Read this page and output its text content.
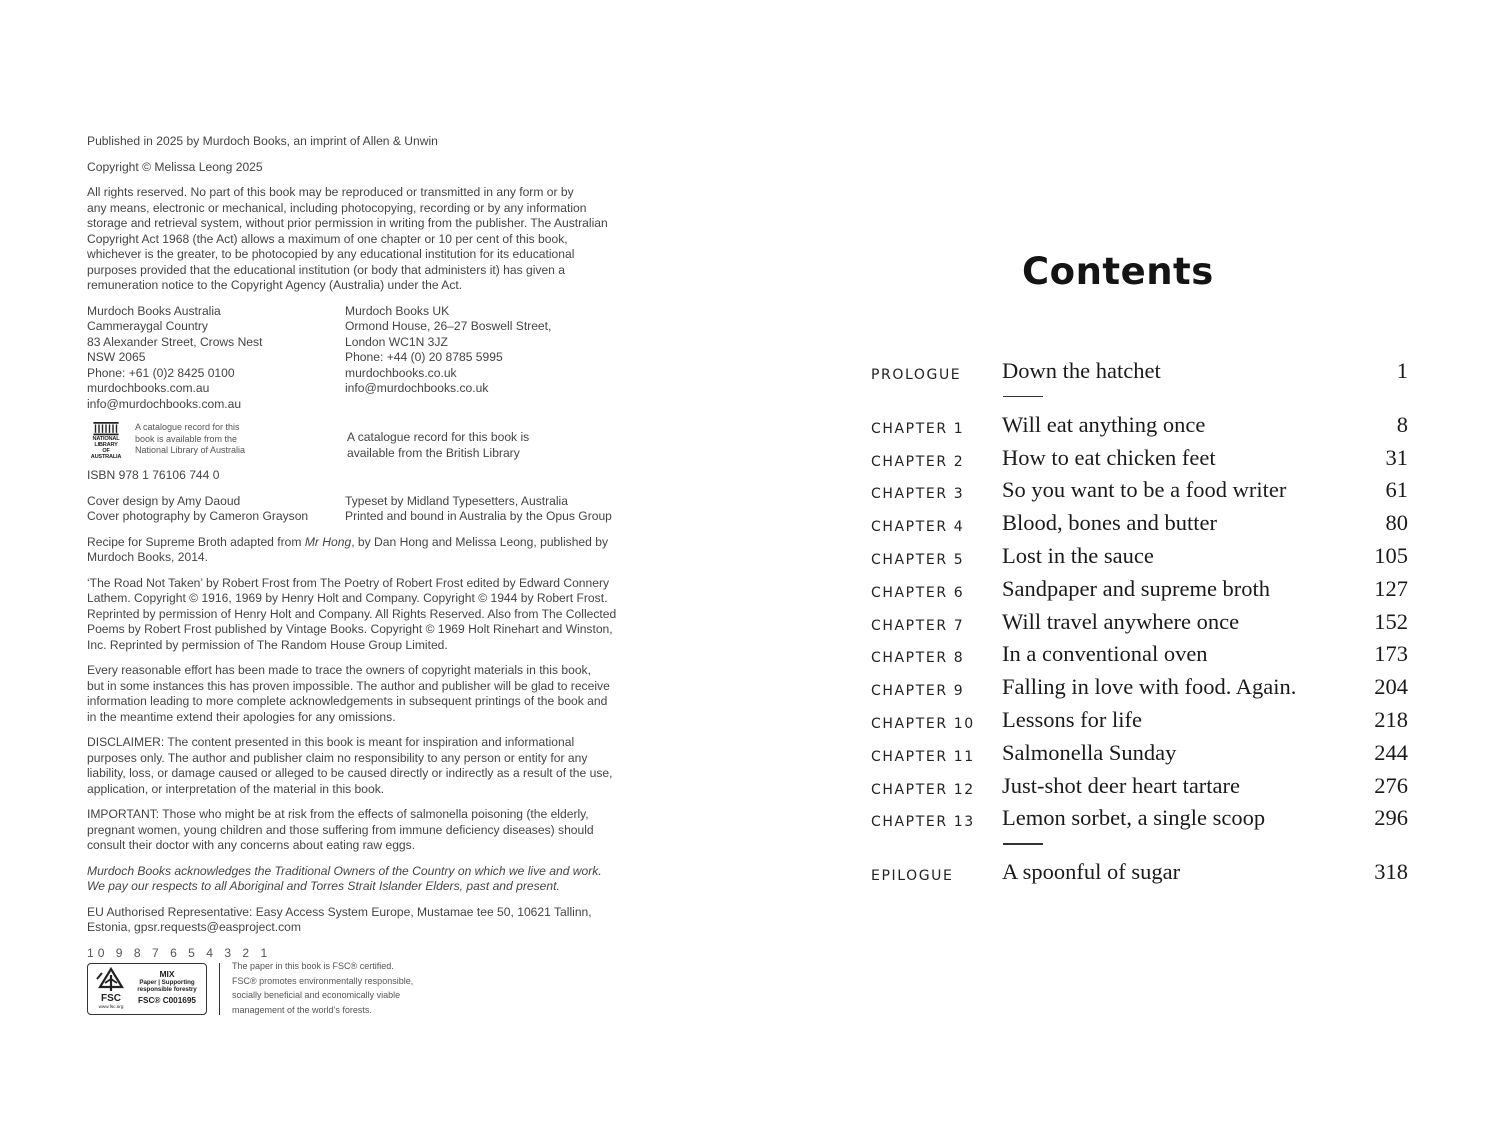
Published in 2025 by Murdoch Books, an imprint of Allen & Unwin

Copyright © Melissa Leong 2025

All rights reserved. No part of this book may be reproduced or transmitted in any form or by
any means, electronic or mechanical, including photocopying, recording or by any information
storage and retrieval system, without prior permission in writing from the publisher. The Australian
Copyright Act 1968 (the Act) allows a maximum of one chapter or 10 per cent of this book,
whichever is the greater, to be photocopied by any educational institution for its educational
purposes provided that the educational institution (or body that administers it) has given a
remuneration notice to the Copyright Agency (Australia) under the Act.

Murdoch Books Australia
Cammeraygal Country
83 Alexander Street, Crows Nest
NSW 2065
Phone: +61 (0)2 8425 0100
murdochbooks.com.au
info@murdochbooks.com.au
Murdoch Books UK
Ormond House, 26–27 Boswell Street,
London WC1N 3JZ
Phone: +44 (0) 20 8785 5995
murdochbooks.co.uk
info@murdochbooks.co.uk
NATIONAL
LIBRARY
OF AUSTRALIA
A catalogue record for this
book is available from the
National Library of Australia
A catalogue record for this book is
available from the British Library

ISBN 978 1 76106 744 0

Cover design by Amy Daoud
Cover photography by Cameron Grayson
Typeset by Midland Typesetters, Australia
Printed and bound in Australia by the Opus Group

Recipe for Supreme Broth adapted from Mr Hong, by Dan Hong and Melissa Leong, published by
Murdoch Books, 2014.

‘The Road Not Taken’ by Robert Frost from The Poetry of Robert Frost edited by Edward Connery
Lathem. Copyright © 1916, 1969 by Henry Holt and Company. Copyright © 1944 by Robert Frost.
Reprinted by permission of Henry Holt and Company. All Rights Reserved. Also from The Collected
Poems by Robert Frost published by Vintage Books. Copyright © 1969 Holt Rinehart and Winston,
Inc. Reprinted by permission of The Random House Group Limited.

Every reasonable effort has been made to trace the owners of copyright materials in this book,
but in some instances this has proven impossible. The author and publisher will be glad to receive
information leading to more complete acknowledgements in subsequent printings of the book and
in the meantime extend their apologies for any omissions.

DISCLAIMER: The content presented in this book is meant for inspiration and informational
purposes only. The author and publisher claim no responsibility to any person or entity for any
liability, loss, or damage caused or alleged to be caused directly or indirectly as a result of the use,
application, or interpretation of the material in this book.

IMPORTANT: Those who might be at risk from the effects of salmonella poisoning (the elderly,
pregnant women, young children and those suffering from immune deficiency diseases) should
consult their doctor with any concerns about eating raw eggs.

Murdoch Books acknowledges the Traditional Owners of the Country on which we live and work.
We pay our respects to all Aboriginal and Torres Strait Islander Elders, past and present.

EU Authorised Representative: Easy Access System Europe, Mustamae tee 50, 10621 Tallinn,
Estonia, gpsr.requests@easproject.com

10 9 8 7 6 5 4 3 2 1
FSC
www.fsc.org
MIX
Paper | Supporting
responsible forestry
FSC® C001695
The paper in this book is FSC® certified.
FSC® promotes environmentally responsible,
socially beneficial and economically viable
management of the world’s forests.
Contents
PROLOGUE Down the hatchet	1
CHAPTER 1 Will eat anything once	8
CHAPTER 2 How to eat chicken feet	31
CHAPTER 3 So you want to be a food writer	61
CHAPTER 4 Blood, bones and butter	80
CHAPTER 5 Lost in the sauce	105
CHAPTER 6 Sandpaper and supreme broth	127
CHAPTER 7 Will travel anywhere once	152
CHAPTER 8 In a conventional oven	173
CHAPTER 9 Falling in love with food. Again.	204
CHAPTER 10 Lessons for life	218
CHAPTER 11 Salmonella Sunday	244
CHAPTER 12 Just-shot deer heart tartare	276
CHAPTER 13 Lemon sorbet, a single scoop	296
EPILOGUE A spoonful of sugar	318
